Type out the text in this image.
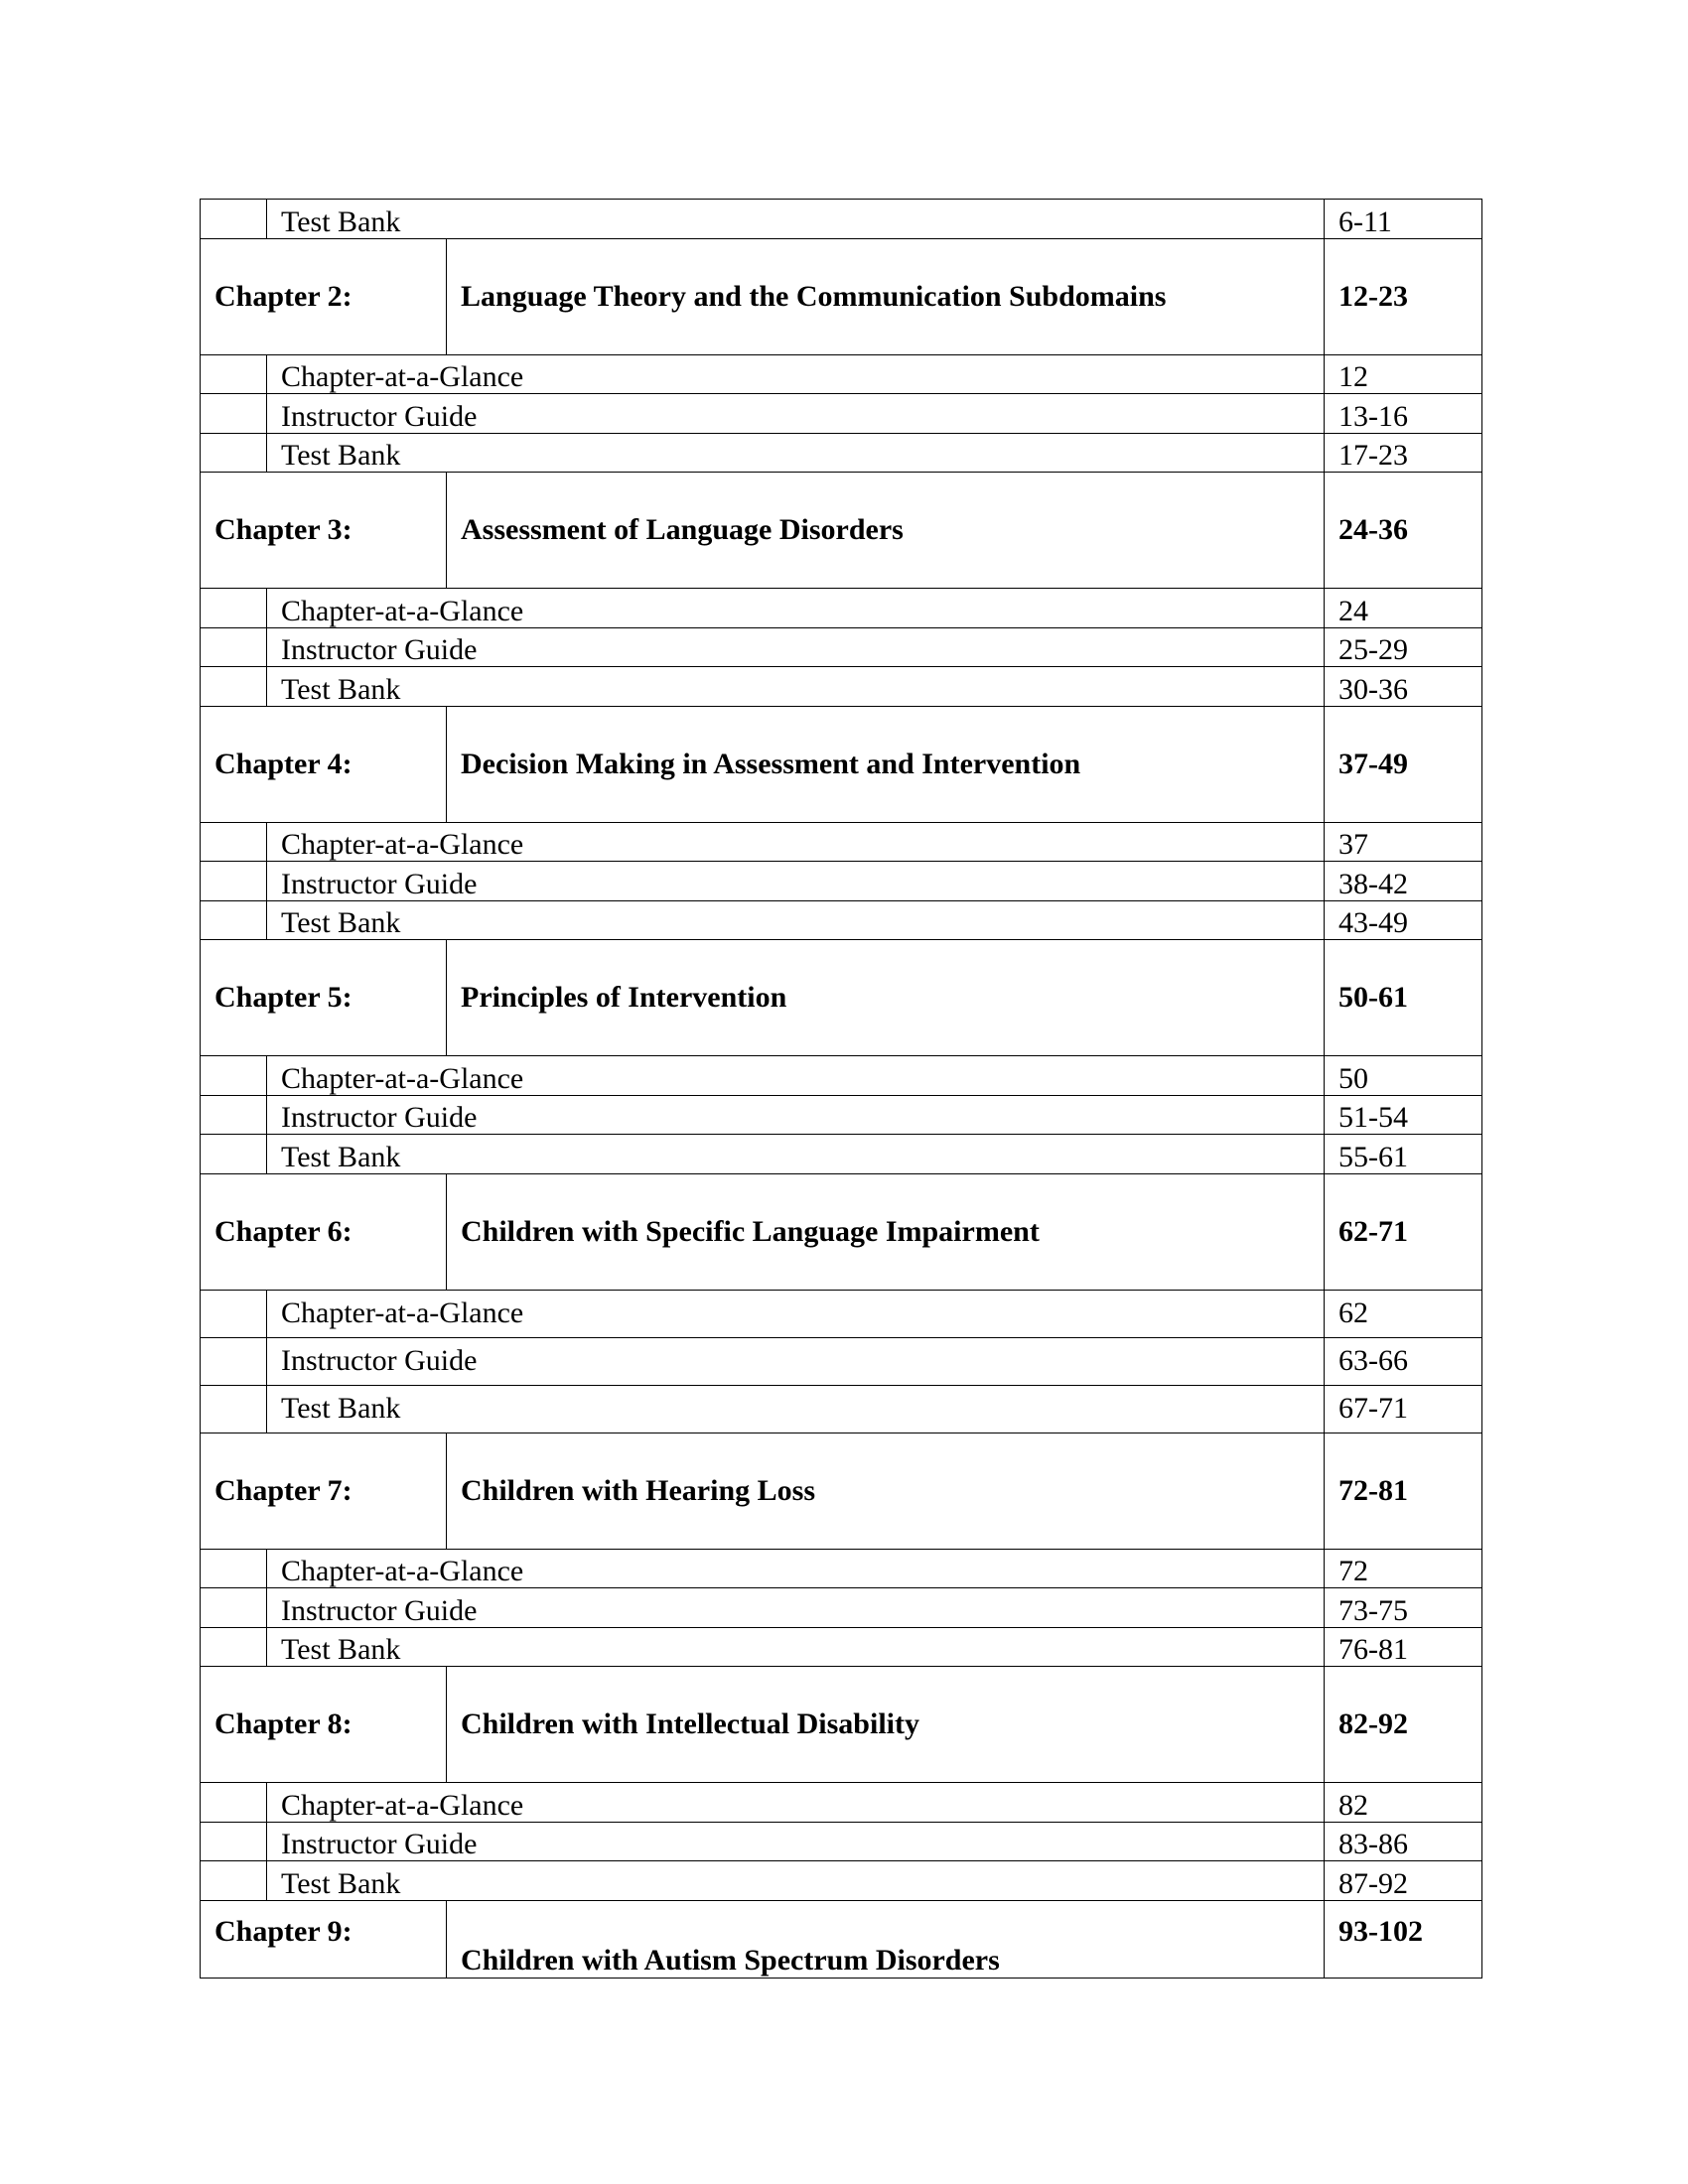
	Test Bank		6-11
Chapter 2:		Language Theory and the Communication Subdomains	12-23
	Chapter-at-a-Glance		12
	Instructor Guide		13-16
	Test Bank		17-23
Chapter 3:		Assessment of Language Disorders	24-36
	Chapter-at-a-Glance		24
	Instructor Guide		25-29
	Test Bank		30-36
Chapter 4:		Decision Making in Assessment and Intervention	37-49
	Chapter-at-a-Glance		37
	Instructor Guide		38-42
	Test Bank		43-49
Chapter 5:		Principles of Intervention	50-61
	Chapter-at-a-Glance		50
	Instructor Guide		51-54
	Test Bank		55-61
Chapter 6:		Children with Specific Language Impairment	62-71
	Chapter-at-a-Glance		62
	Instructor Guide		63-66
	Test Bank		67-71
Chapter 7:		Children with Hearing Loss	72-81
	Chapter-at-a-Glance		72
	Instructor Guide		73-75
	Test Bank		76-81
Chapter 8:		Children with Intellectual Disability	82-92
	Chapter-at-a-Glance		82
	Instructor Guide		83-86
	Test Bank		87-92
Chapter 9:		Children with Autism Spectrum Disorders	93-102
